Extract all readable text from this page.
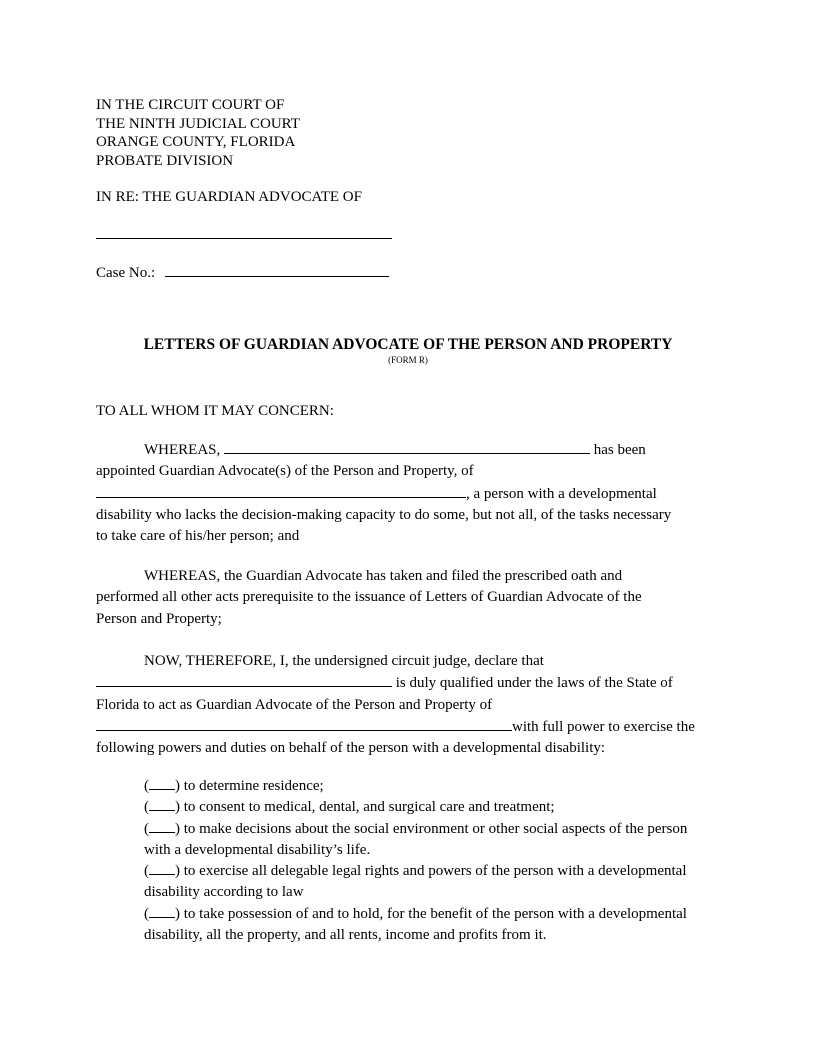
IN THE CIRCUIT COURT OF
THE NINTH JUDICIAL COURT
ORANGE COUNTY, FLORIDA
PROBATE DIVISION
IN RE: THE GUARDIAN ADVOCATE OF
Case No.:
LETTERS OF GUARDIAN ADVOCATE OF THE PERSON AND PROPERTY
(FORM R)
TO ALL WHOM IT MAY CONCERN:

WHEREAS,	has been

appointed Guardian Advocate(s) of the Person and Property, of

, a person with a developmental

disability who lacks the decision-making capacity to do some, but not all, of the tasks necessary

to take care of his/her person; and

WHEREAS, the Guardian Advocate has taken and filed the prescribed oath and

performed all other acts prerequisite to the issuance of Letters of Guardian Advocate of the

Person and Property;

NOW, THEREFORE, I, the undersigned circuit judge, declare that

is duly qualified under the laws of the State of

Florida to act as Guardian Advocate of the Person and Property of

with full power to exercise the

following powers and duties on behalf of the person with a developmental disability:

( ) to determine residence;
( ) to consent to medical, dental, and surgical care and treatment;
( ) to make decisions about the social environment or other social aspects of the person
with a developmental disability’s life.
( ) to exercise all delegable legal rights and powers of the person with a developmental
disability according to law
( ) to take possession of and to hold, for the benefit of the person with a developmental
disability, all the property, and all rents, income and profits from it.
